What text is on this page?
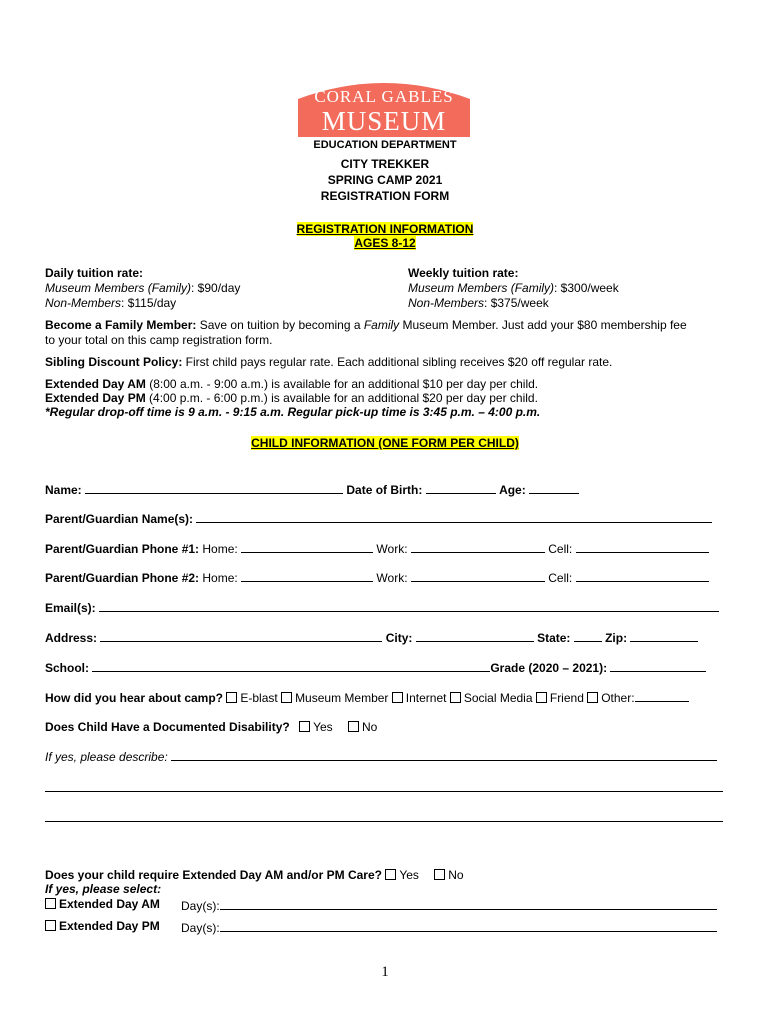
CORAL GABLES
MUSEUM
EDUCATION DEPARTMENT
CITY TREKKER
SPRING CAMP 2021
REGISTRATION FORM
REGISTRATION INFORMATION
AGES 8-12
Daily tuition rate:
Museum Members (Family): $90/day
Non-Members: $115/day
Weekly tuition rate:
Museum Members (Family): $300/week
Non-Members: $375/week
Become a Family Member: Save on tuition by becoming a Family Museum Member. Just add your $80 membership fee
to your total on this camp registration form.
Sibling Discount Policy: First child pays regular rate. Each additional sibling receives $20 off regular rate.
Extended Day AM (8:00 a.m. - 9:00 a.m.) is available for an additional $10 per day per child.
Extended Day PM (4:00 p.m. - 6:00 p.m.) is available for an additional $20 per day per child.
*Regular drop-off time is 9 a.m. - 9:15 a.m. Regular pick-up time is 3:45 p.m. – 4:00 p.m.
CHILD INFORMATION (ONE FORM PER CHILD)
Name:	Date of Birth:	Age:
Parent/Guardian Name(s):
Parent/Guardian Phone #1: Home:	Work:	Cell:
Parent/Guardian Phone #2: Home:	Work:	Cell:
Email(s):
Address:	City:	State:	Zip:
School:	Grade (2020 – 2021):
How did you hear about camp? E-blast Museum Member Internet Social Media Friend Other:
Does Child Have a Documented Disability? Yes No
If yes, please describe:
Does your child require Extended Day AM and/or PM Care? Yes No
If yes, please select:
Extended Day AM Day(s):
Extended Day PM Day(s):
1
